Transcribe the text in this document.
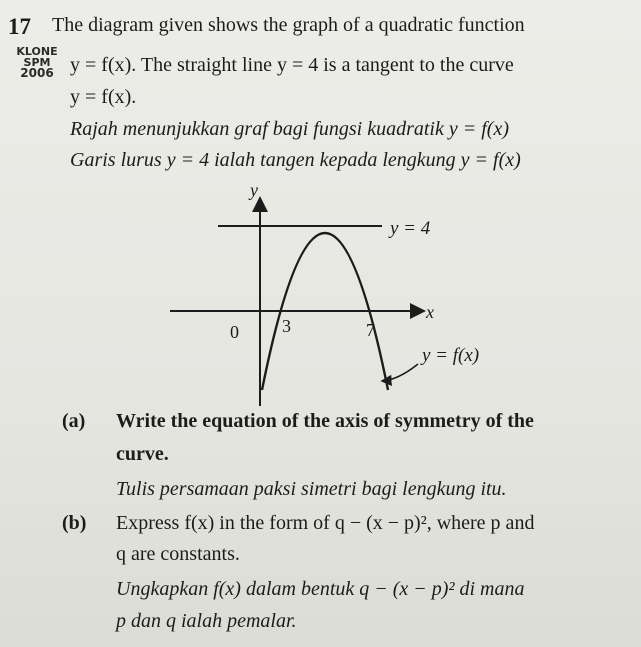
17
KLONE
SPM
2006
The diagram given shows the graph of a quadratic function
y = f(x). The straight line y = 4 is a tangent to the curve
y = f(x).
Rajah menunjukkan graf bagi fungsi kuadratik y = f(x)
Garis lurus y = 4 ialah tangen kepada lengkung y = f(x)
y
x
0 3	7
y = 4
y = f(x)
(a) Write the equation of the axis of symmetry of the
curve.
Tulis persamaan paksi simetri bagi lengkung itu.
(b) Express f(x) in the form of q − (x − p)², where p and
q are constants.
Ungkapkan f(x) dalam bentuk q − (x − p)² di mana
p dan q ialah pemalar.
